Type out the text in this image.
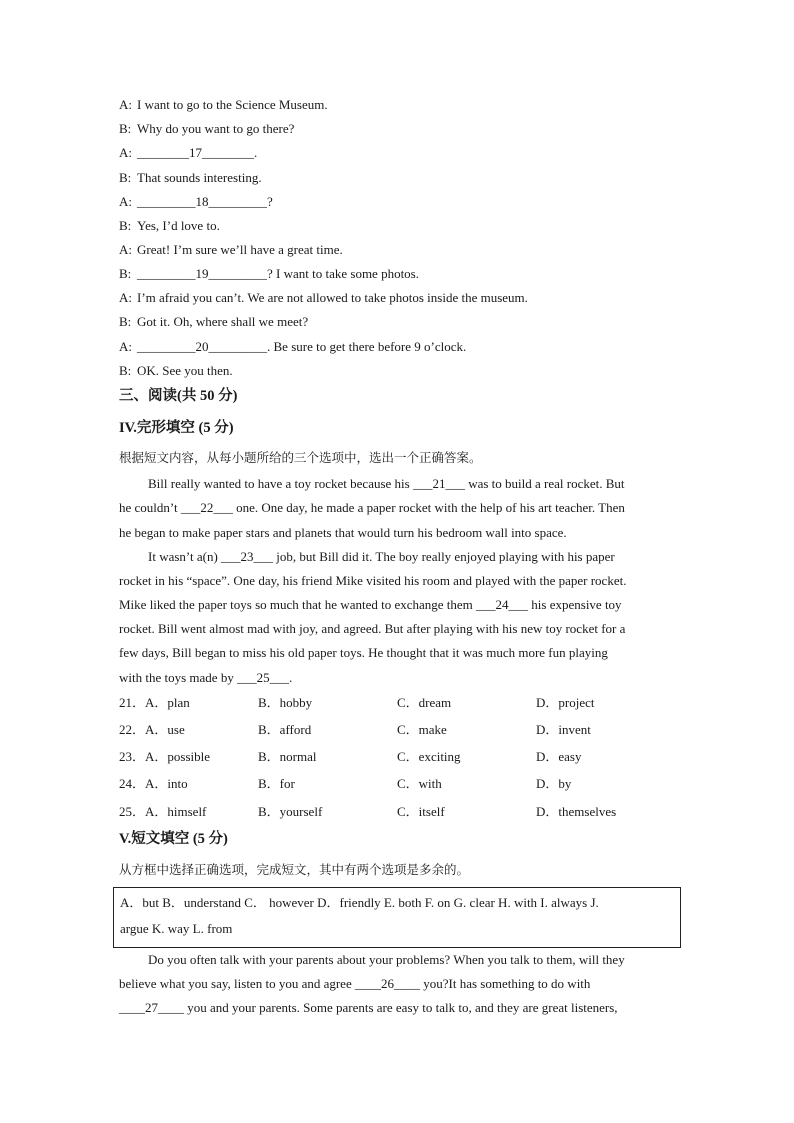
A: I want to go to the Science Museum.
B: Why do you want to go there?
A: ________17________.
B: That sounds interesting.
A: _________18_________?
B: Yes, I’d love to.
A: Great! I’m sure we’ll have a great time.
B: _________19_________? I want to take some photos.
A: I’m afraid you can’t. We are not allowed to take photos inside the museum.
B: Got it. Oh, where shall we meet?
A: _________20_________. Be sure to get there before 9 o’clock.
B: OK. See you then.
三、阅读(共 50 分)
IV.完形填空 (5 分)
根据短文内容，从每小题所给的三个选项中，选出一个正确答案。
Bill really wanted to have a toy rocket because his ___21___ was to build a real rocket. But
he couldn’t ___22___ one. One day, he made a paper rocket with the help of his art teacher. Then
he began to make paper stars and planets that would turn his bedroom wall into space.
It wasn’t a(n) ___23___ job, but Bill did it. The boy really enjoyed playing with his paper
rocket in his “space”. One day, his friend Mike visited his room and played with the paper rocket.
Mike liked the paper toys so much that he wanted to exchange them ___24___ his expensive toy
rocket. Bill went almost mad with joy, and agreed. But after playing with his new toy rocket for a
few days, Bill began to miss his old paper toys. He thought that it was much more fun playing
with the toys made by ___25___.
21．A．plan	B．hobby	C．dream	D．project
22．A．use	B．afford	C．make	D．invent
23．A．possible	B．normal	C．exciting	D．easy
24．A．into	B．for	C．with	D．by
25．A．himself	B．yourself	C．itself	D．themselves
V.短文填空 (5 分)
从方框中选择正确选项，完成短文，其中有两个选项是多余的。
A．but B．understand C． however D．friendly E. both F. on G. clear H. with I. always J.
argue K. way L. from
Do you often talk with your parents about your problems? When you talk to them, will they
believe what you say, listen to you and agree ____26____ you?It has something to do with
____27____ you and your parents. Some parents are easy to talk to, and they are great listeners,
